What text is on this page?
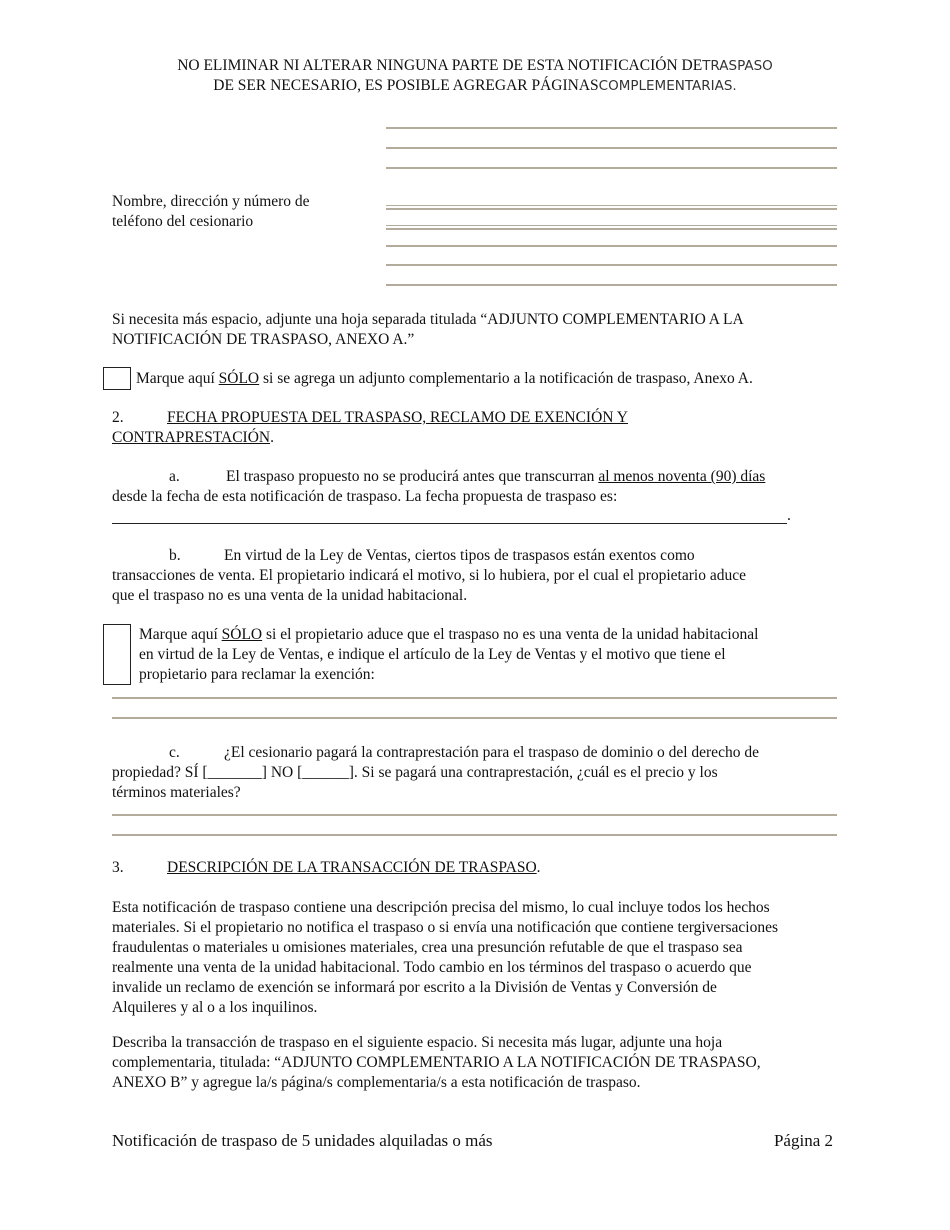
NO ELIMINAR NI ALTERAR NINGUNA PARTE DE ESTA NOTIFICACIÓN DETRASPASO
DE SER NECESARIO, ES POSIBLE AGREGAR PÁGINASCOMPLEMENTARIAS.
Nombre, dirección y número de
teléfono del cesionario
Si necesita más espacio, adjunte una hoja separada titulada “ADJUNTO COMPLEMENTARIO A LA
NOTIFICACIÓN DE TRASPASO, ANEXO A.”
Marque aquí SÓLO si se agrega un adjunto complementario a la notificación de traspaso, Anexo A.
2.	FECHA PROPUESTA DEL TRASPASO, RECLAMO DE EXENCIÓN Y
CONTRAPRESTACIÓN.
a.	El traspaso propuesto no se producirá antes que transcurran al menos noventa (90) días
desde la fecha de esta notificación de traspaso. La fecha propuesta de traspaso es:
.
b.	En virtud de la Ley de Ventas, ciertos tipos de traspasos están exentos como
transacciones de venta. El propietario indicará el motivo, si lo hubiera, por el cual el propietario aduce
que el traspaso no es una venta de la unidad habitacional.
Marque aquí SÓLO si el propietario aduce que el traspaso no es una venta de la unidad habitacional
en virtud de la Ley de Ventas, e indique el artículo de la Ley de Ventas y el motivo que tiene el
propietario para reclamar la exención:
c.	¿El cesionario pagará la contraprestación para el traspaso de dominio o del derecho de
propiedad? SÍ [_______] NO [______]. Si se pagará una contraprestación, ¿cuál es el precio y los
términos materiales?
3.	DESCRIPCIÓN DE LA TRANSACCIÓN DE TRASPASO.
Esta notificación de traspaso contiene una descripción precisa del mismo, lo cual incluye todos los hechos
materiales. Si el propietario no notifica el traspaso o si envía una notificación que contiene tergiversaciones
fraudulentas o materiales u omisiones materiales, crea una presunción refutable de que el traspaso sea
realmente una venta de la unidad habitacional. Todo cambio en los términos del traspaso o acuerdo que
invalide un reclamo de exención se informará por escrito a la División de Ventas y Conversión de
Alquileres y al o a los inquilinos.
Describa la transacción de traspaso en el siguiente espacio. Si necesita más lugar, adjunte una hoja
complementaria, titulada: “ADJUNTO COMPLEMENTARIO A LA NOTIFICACIÓN DE TRASPASO,
ANEXO B” y agregue la/s página/s complementaria/s a esta notificación de traspaso.
Notificación de traspaso de 5 unidades alquiladas o más	Página 2
